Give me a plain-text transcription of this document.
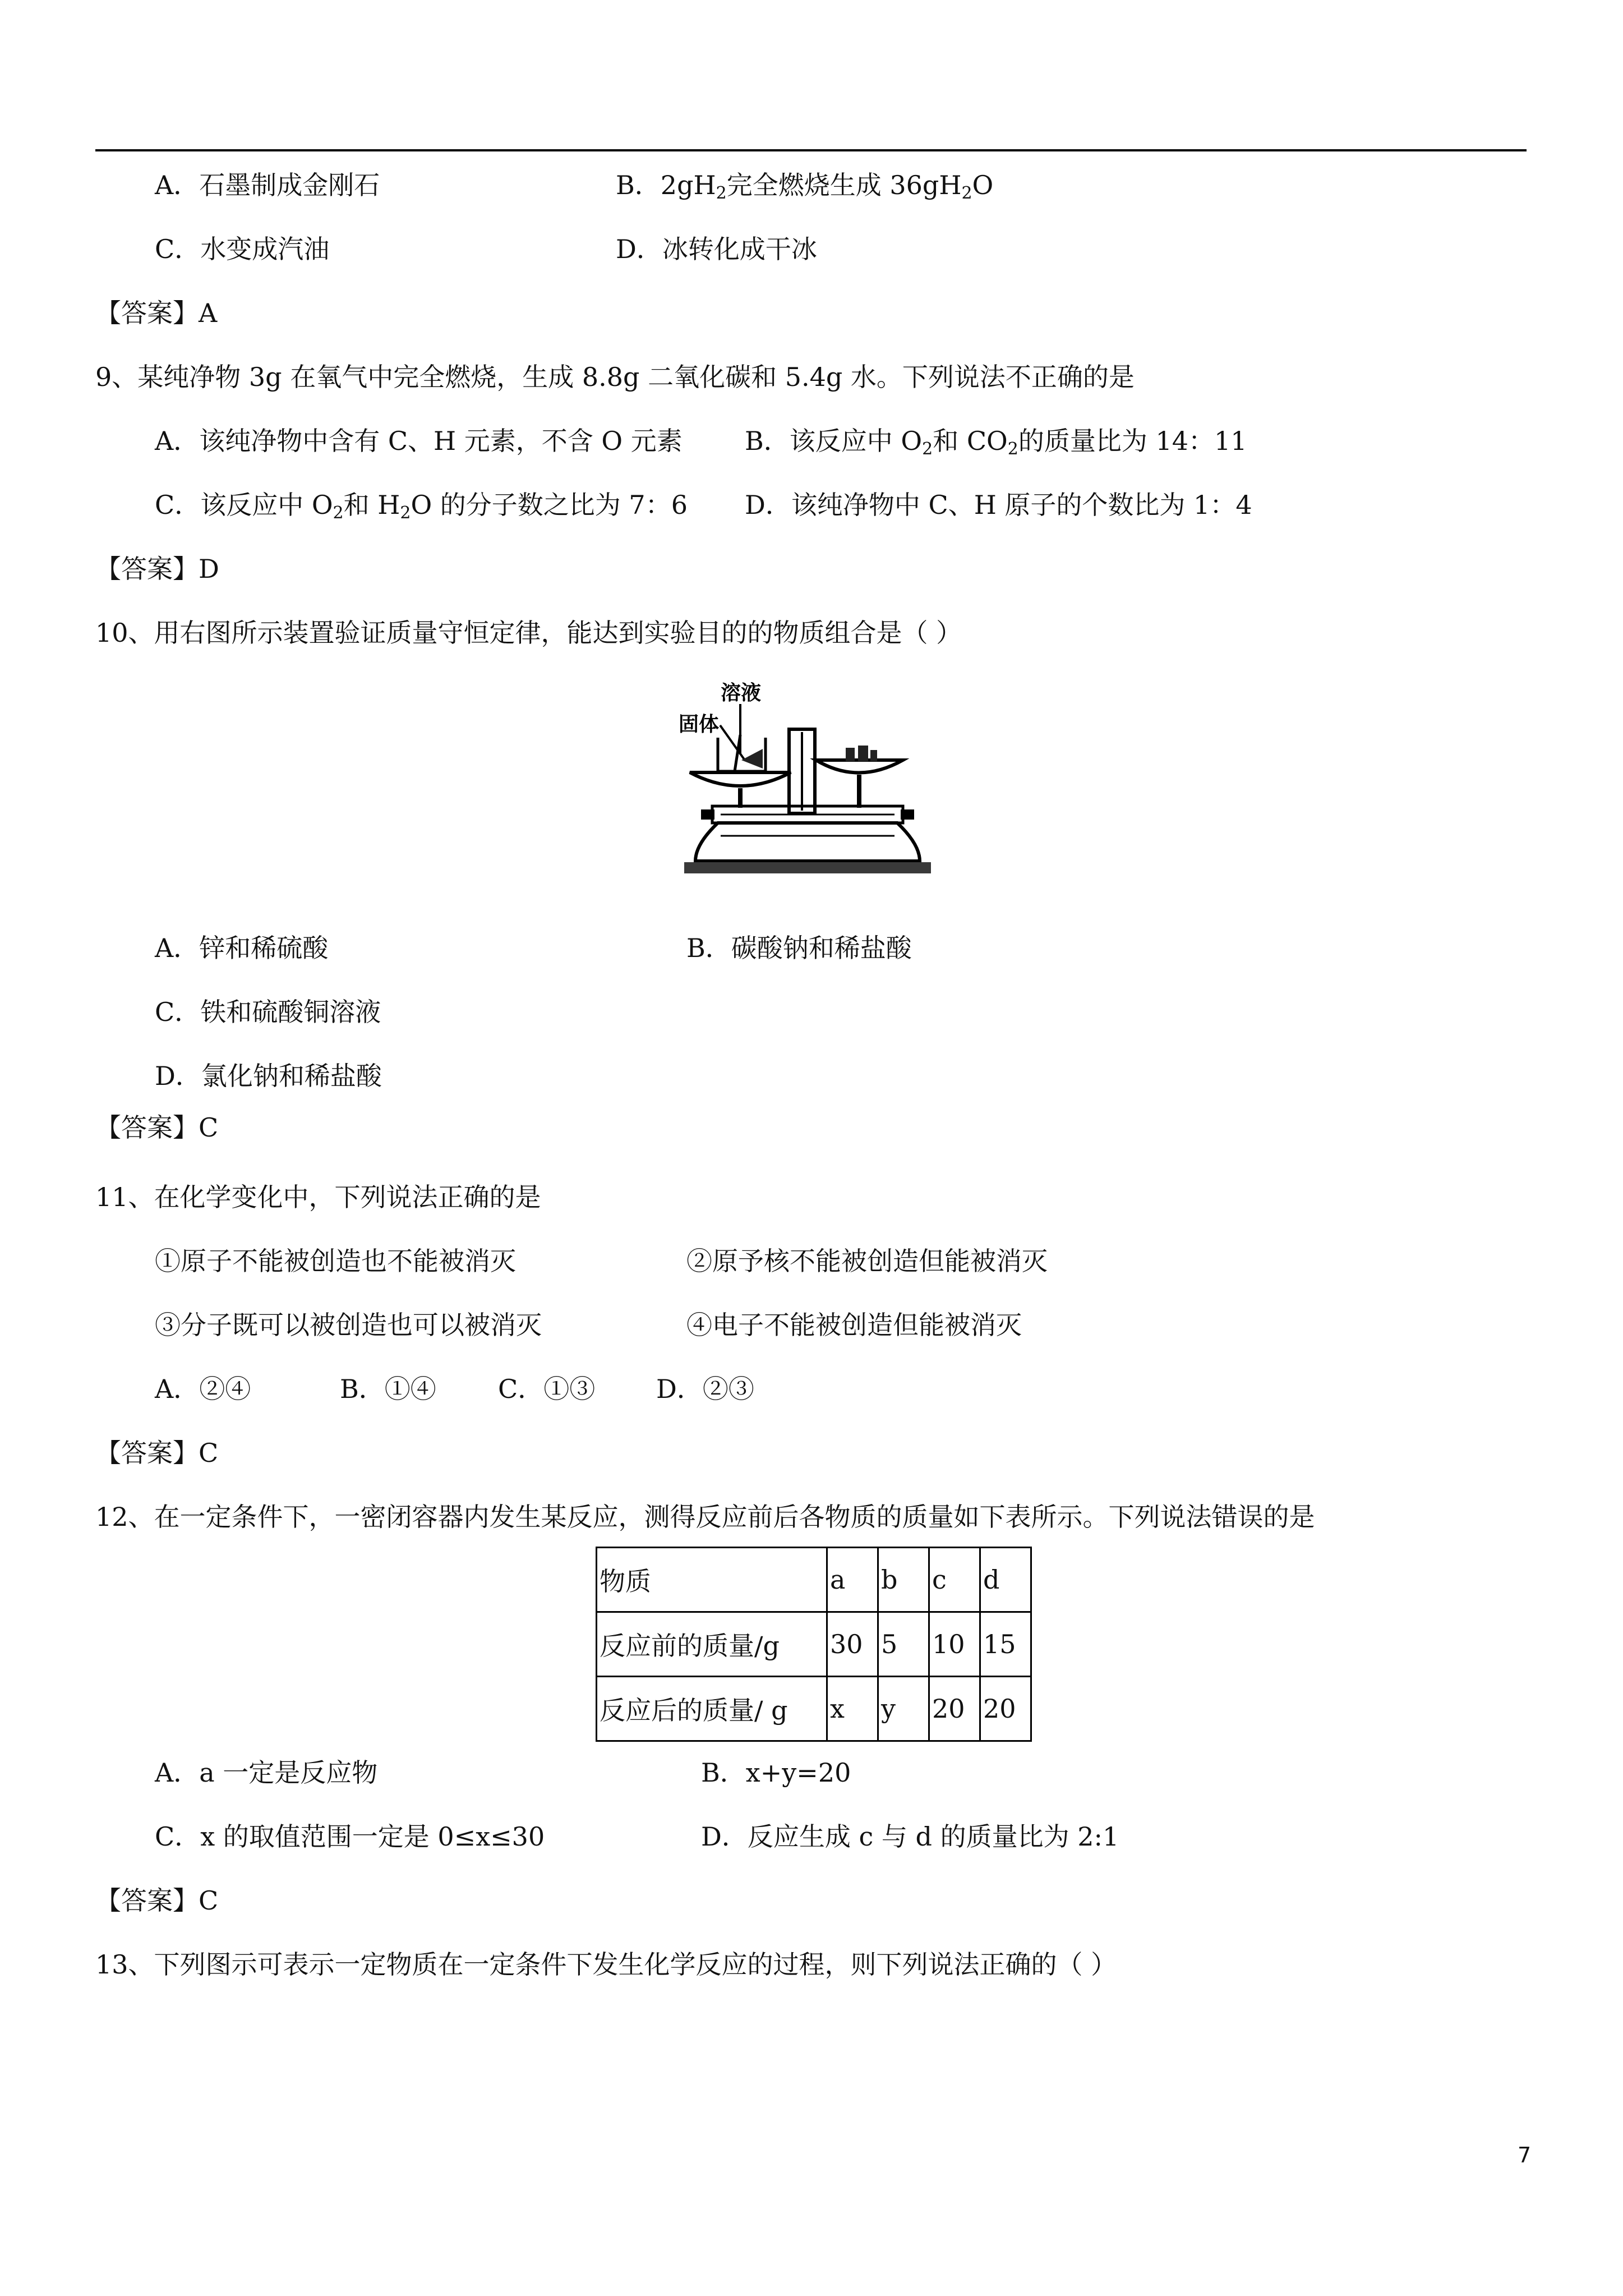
A．石墨制成金刚石	B．$2gH_2$完全燃烧生成 $36gH_2O$
C．水变成汽油	D．冰转化成干冰
【答案】A
9、某纯净物 3g 在氧气中完全燃烧，生成 8.8g 二氧化碳和 5.4g 水。下列说法不正确的是
A．该纯净物中含有 C、H 元素，不含 O 元素 B．该反应中 $O_2$和 $CO_2$的质量比为 14：11
C．该反应中 $O_2$和 $H_2O$ 的分子数之比为 7：6 D．该纯净物中 C、H 原子的个数比为 1：4
【答案】D
10、用右图所示装置验证质量守恒定律，能达到实验目的的物质组合是（ ）
溶液
固体
A．锌和稀硫酸	B．碳酸钠和稀盐酸
C．铁和硫酸铜溶液
D．氯化钠和稀盐酸
【答案】C
11、在化学变化中，下列说法正确的是
①原子不能被创造也不能被消灭	②原予核不能被创造但能被消灭
③分子既可以被创造也可以被消灭	④电子不能被创造但能被消灭
A．②④	B．①④ C．①③ D．②③
【答案】C
12、在一定条件下，一密闭容器内发生某反应，测得反应前后各物质的质量如下表所示。下列说法错误的是
物质	a	b	c	d
反应前的质量/g	30	5	10	15
反应后的质量/ g	x	y	20	20
A．a 一定是反应物	B．x+y=20
C．x 的取值范围一定是 0≤x≤30	D．反应生成 c 与 d 的质量比为 2:1
【答案】C
13、下列图示可表示一定物质在一定条件下发生化学反应的过程，则下列说法正确的（ ）
7
